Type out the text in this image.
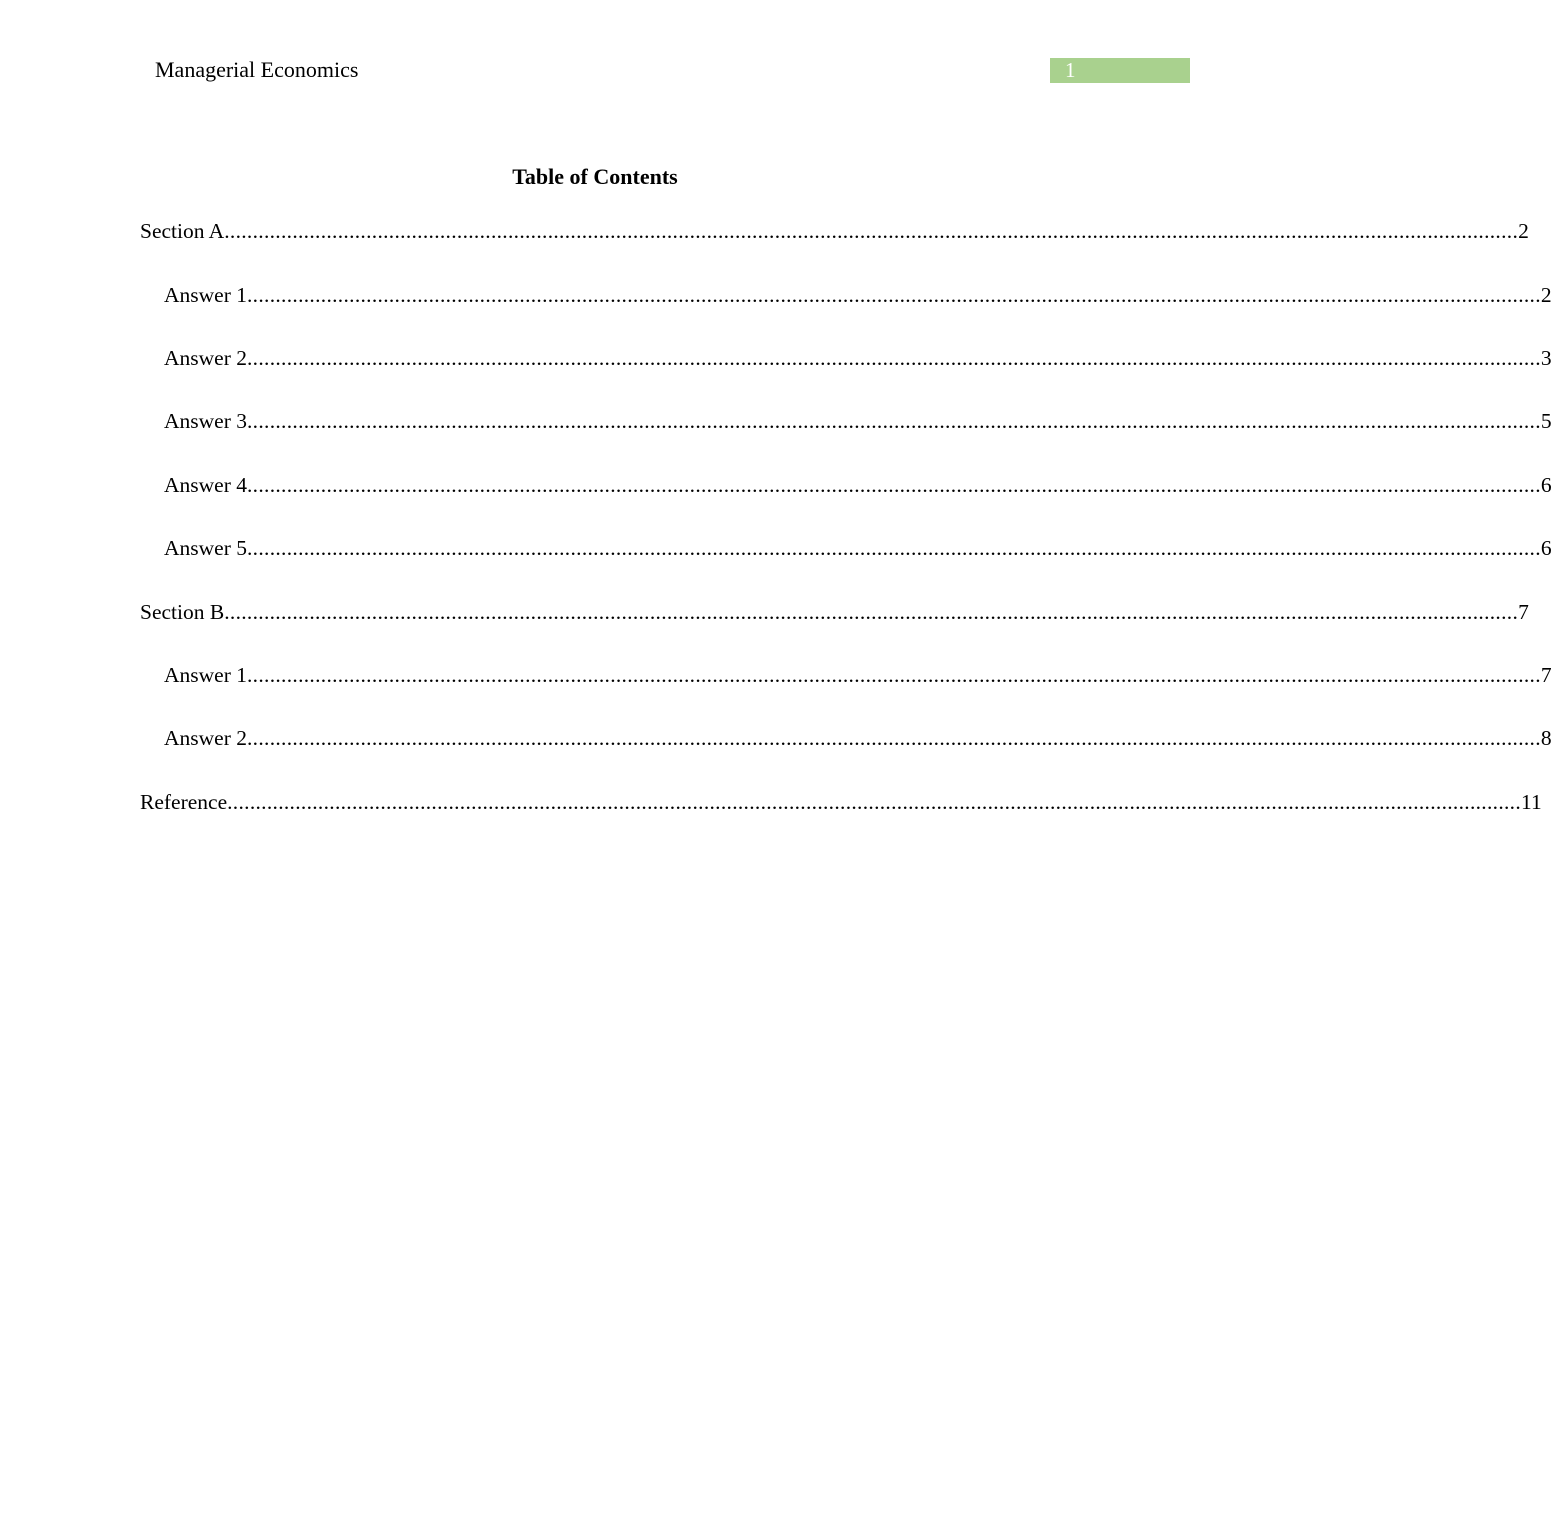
Managerial Economics	1
Table of Contents
Section A .................................................................................................................................................................................................................................... 2
Answer 1 .................................................................................................................................................................................................................................... 2
Answer 2 .................................................................................................................................................................................................................................... 3
Answer 3 .................................................................................................................................................................................................................................... 5
Answer 4 .................................................................................................................................................................................................................................... 6
Answer 5 .................................................................................................................................................................................................................................... 6
Section B .................................................................................................................................................................................................................................... 7
Answer 1 .................................................................................................................................................................................................................................... 7
Answer 2 .................................................................................................................................................................................................................................... 8
Reference .................................................................................................................................................................................................................................... 11
